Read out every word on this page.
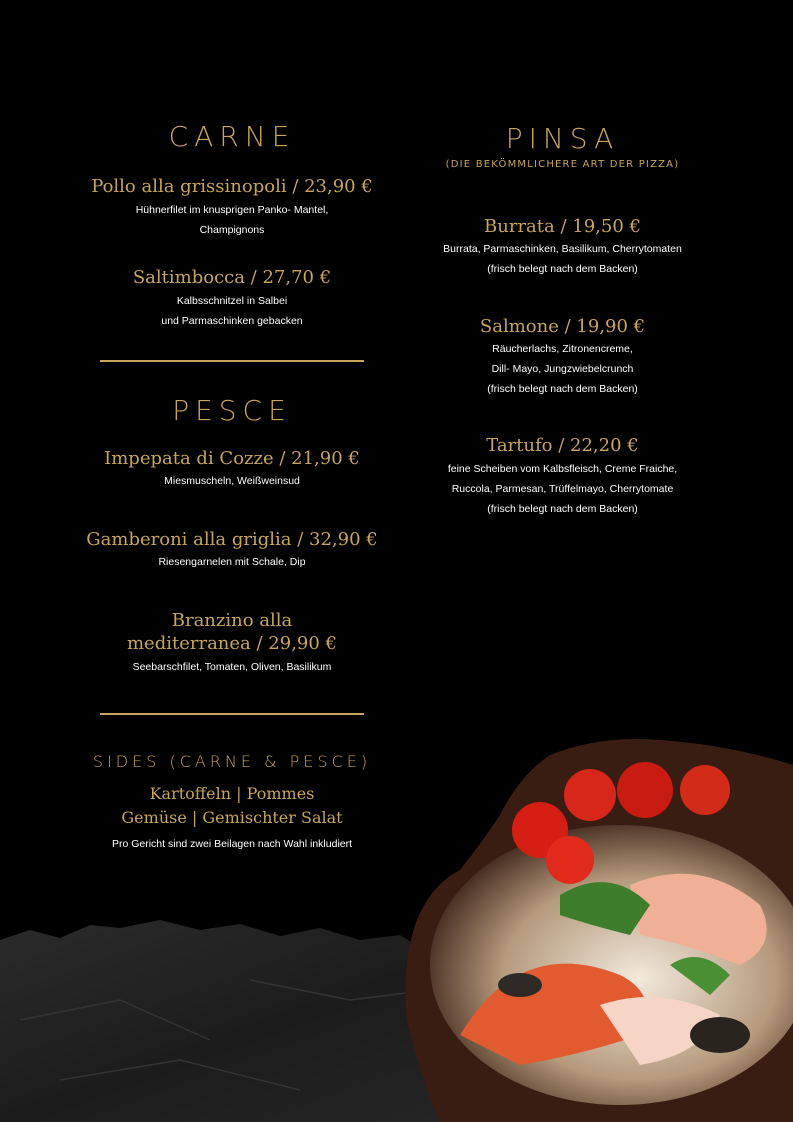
CARNE
Pollo alla grissinopoli / 23,90 €
Hühnerfilet im knusprigen Panko- Mantel,
Champignons
Saltimbocca / 27,70 €
Kalbsschnitzel in Salbei
und Parmaschinken gebacken
PESCE
Impepata di Cozze / 21,90 €
Miesmuscheln, Weißweinsud
Gamberoni alla griglia / 32,90 €
Riesengarnelen mit Schale, Dip
Branzino alla
mediterranea / 29,90 €
Seebarschfilet, Tomaten, Oliven, Basilikum
SIDES (CARNE & PESCE)
Kartoffeln | Pommes
Gemüse | Gemischter Salat
Pro Gericht sind zwei Beilagen nach Wahl inkludiert
PINSA
(DIE BEKÖMMLICHERE ART DER PIZZA)
Burrata / 19,50 €
Burrata, Parmaschinken, Basilikum, Cherrytomaten
(frisch belegt nach dem Backen)
Salmone / 19,90 €
Räucherlachs, Zitronencreme,
Dill- Mayo, Jungzwiebelcrunch
(frisch belegt nach dem Backen)
Tartufo / 22,20 €
feine Scheiben vom Kalbsfleisch, Creme Fraiche,
Ruccola, Parmesan, Trüffelmayo, Cherrytomate
(frisch belegt nach dem Backen)
